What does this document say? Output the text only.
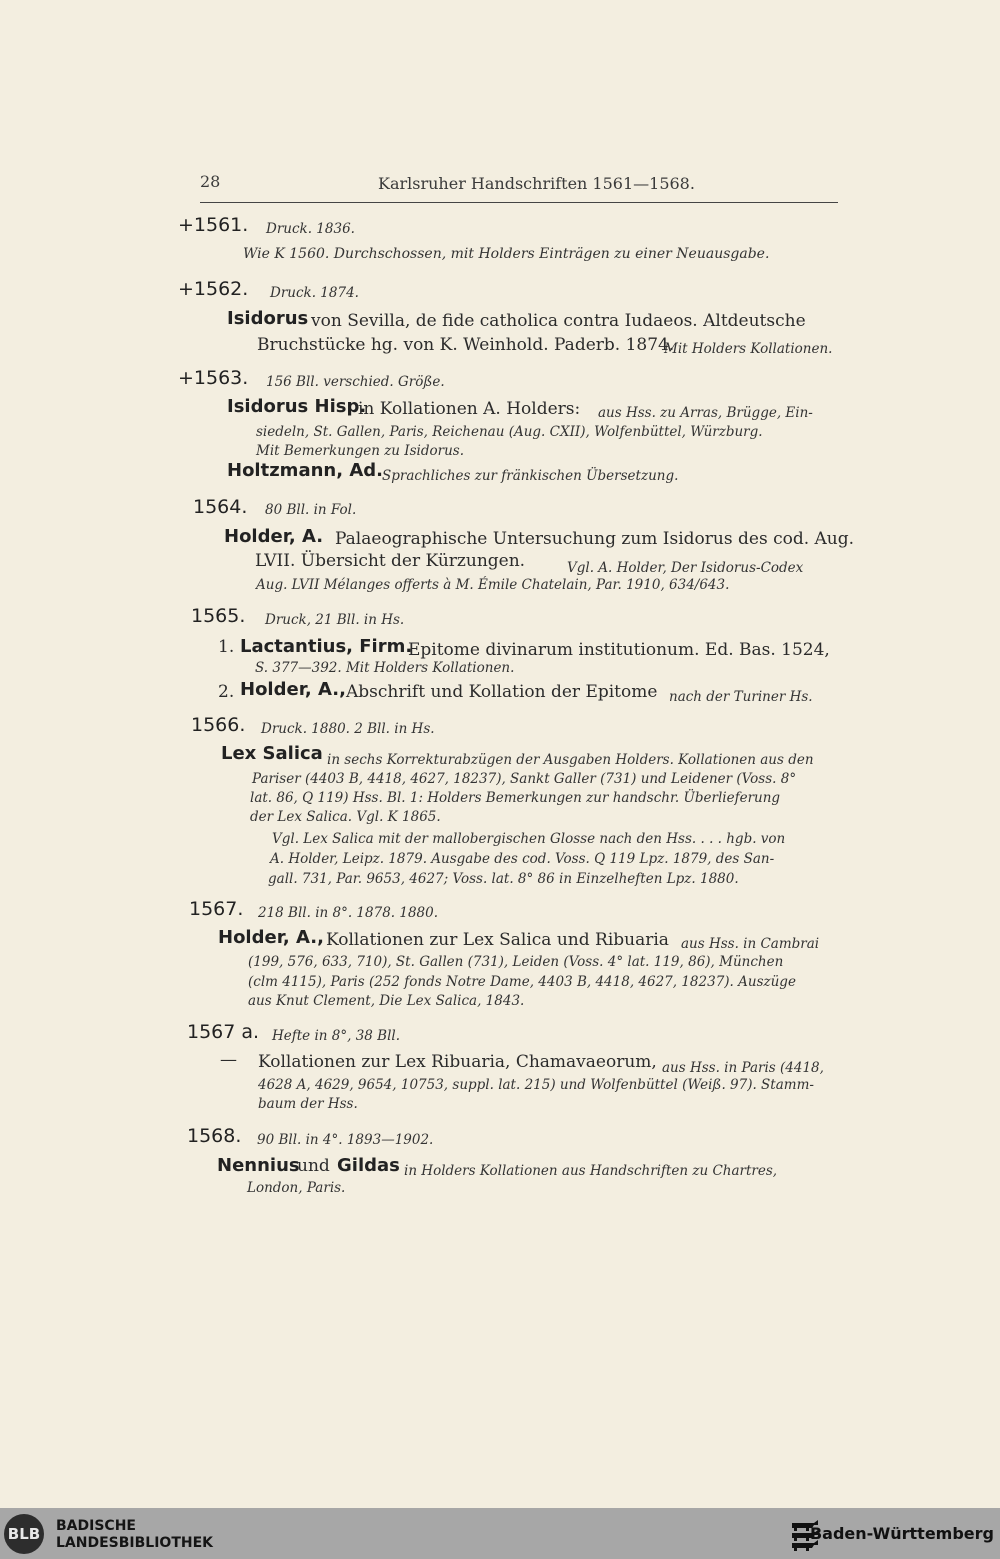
28	Karlsruher Handschriften 1561—1568.
+1561. Druck. 1836.
Wie K 1560. Durchschossen, mit Holders Einträgen zu einer Neuausgabe.
+1562. Druck. 1874.
Isidorus von Sevilla, de fide catholica contra Iudaeos. Altdeutsche
Bruchstücke hg. von K. Weinhold. Paderb. 1874.
Mit Holders Kollationen.
+1563. 156 Bll. verschied. Größe.
Isidorus Hisp.
in Kollationen A. Holders: aus Hss. zu Arras, Brügge, Ein-
siedeln, St. Gallen, Paris, Reichenau (Aug. CXII), Wolfenbüttel, Würzburg.
Mit Bemerkungen zu Isidorus.
Holtzmann, Ad. Sprachliches zur fränkischen Übersetzung.
1564. 80 Bll. in Fol.
Holder, A. Palaeographische Untersuchung zum Isidorus des cod. Aug.
LVII. Übersicht der Kürzungen.	Vgl. A. Holder, Der Isidorus-Codex
Aug. LVII Mélanges offerts à M. Émile Chatelain, Par. 1910, 634/643.
1565. Druck, 21 Bll. in Hs.
1. Lactantius, Firm.
Epitome divinarum institutionum. Ed. Bas. 1524,
S. 377—392. Mit Holders Kollationen.
2. Holder, A., Abschrift und Kollation der Epitome nach der Turiner Hs.
1566. Druck. 1880. 2 Bll. in Hs.
Lex Salica in sechs Korrekturabzügen der Ausgaben Holders. Kollationen aus den
Pariser (4403 B, 4418, 4627, 18237), Sankt Galler (731) und Leidener (Voss. 8°
lat. 86, Q 119) Hss. Bl. 1: Holders Bemerkungen zur handschr. Überlieferung
der Lex Salica. Vgl. K 1865.
Vgl. Lex Salica mit der mallobergischen Glosse nach den Hss. . . . hgb. von
A. Holder, Leipz. 1879. Ausgabe des cod. Voss. Q 119 Lpz. 1879, des San-
gall. 731, Par. 9653, 4627; Voss. lat. 8° 86 in Einzelheften Lpz. 1880.
1567. 218 Bll. in 8°. 1878. 1880.
Holder, A., Kollationen zur Lex Salica und Ribuaria aus Hss. in Cambrai
(199, 576, 633, 710), St. Gallen (731), Leiden (Voss. 4° lat. 119, 86), München
(clm 4115), Paris (252 fonds Notre Dame, 4403 B, 4418, 4627, 18237). Auszüge
aus Knut Clement, Die Lex Salica, 1843.
1567 a. Hefte in 8°, 38 Bll.
— Kollationen zur Lex Ribuaria, Chamavaeorum, aus Hss. in Paris (4418,
4628 A, 4629, 9654, 10753, suppl. lat. 215) und Wolfenbüttel (Weiß. 97). Stamm-
baum der Hss.
1568. 90 Bll. in 4°. 1893—1902.
Nennius
und Gildas in Holders Kollationen aus Handschriften zu Chartres,
London, Paris.
BLB BADISCHE
LANDESBIBLIOTHEK	Baden-Württemberg
